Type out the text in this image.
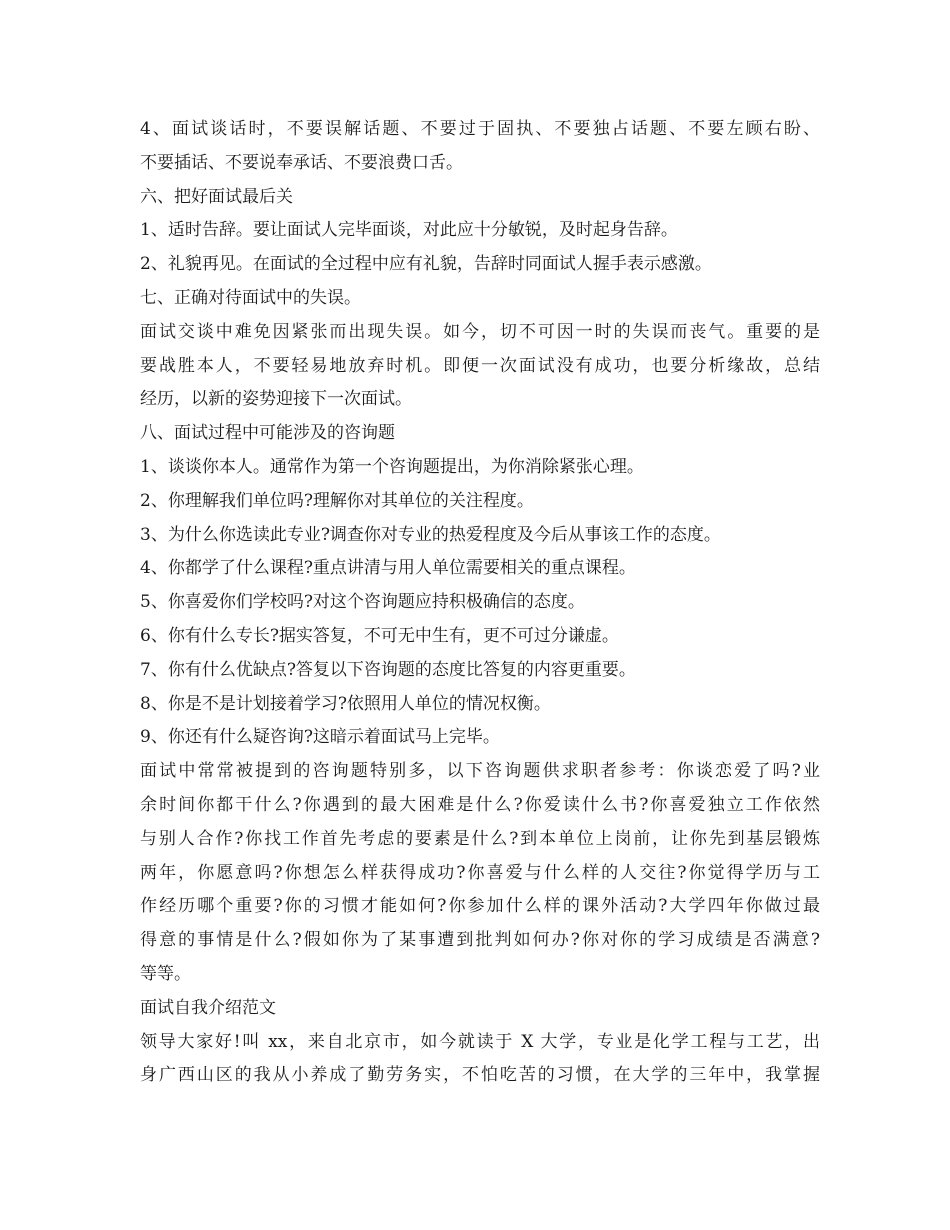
4、面试谈话时，不要误解话题、不要过于固执、不要独占话题、不要左顾右盼、
不要插话、不要说奉承话、不要浪费口舌。
六、把好面试最后关
1、适时告辞。要让面试人完毕面谈，对此应十分敏锐，及时起身告辞。
2、礼貌再见。在面试的全过程中应有礼貌，告辞时同面试人握手表示感激。
七、正确对待面试中的失误。
面试交谈中难免因紧张而出现失误。如今，切不可因一时的失误而丧气。重要的是
要战胜本人，不要轻易地放弃时机。即便一次面试没有成功，也要分析缘故，总结
经历，以新的姿势迎接下一次面试。
八、面试过程中可能涉及的咨询题
1、谈谈你本人。通常作为第一个咨询题提出，为你消除紧张心理。
2、你理解我们单位吗?理解你对其单位的关注程度。
3、为什么你选读此专业?调查你对专业的热爱程度及今后从事该工作的态度。
4、你都学了什么课程?重点讲清与用人单位需要相关的重点课程。
5、你喜爱你们学校吗?对这个咨询题应持积极确信的态度。
6、你有什么专长?据实答复，不可无中生有，更不可过分谦虚。
7、你有什么优缺点?答复以下咨询题的态度比答复的内容更重要。
8、你是不是计划接着学习?依照用人单位的情况权衡。
9、你还有什么疑咨询?这暗示着面试马上完毕。
面试中常常被提到的咨询题特别多，以下咨询题供求职者参考：你谈恋爱了吗?业
余时间你都干什么?你遇到的最大困难是什么?你爱读什么书?你喜爱独立工作依然
与别人合作?你找工作首先考虑的要素是什么?到本单位上岗前，让你先到基层锻炼
两年，你愿意吗?你想怎么样获得成功?你喜爱与什么样的人交往?你觉得学历与工
作经历哪个重要?你的习惯才能如何?你参加什么样的课外活动?大学四年你做过最
得意的事情是什么?假如你为了某事遭到批判如何办?你对你的学习成绩是否满意?
等等。
面试自我介绍范文
领导大家好!叫 xx，来自北京市，如今就读于 X 大学，专业是化学工程与工艺，出
身广西山区的我从小养成了勤劳务实，不怕吃苦的习惯，在大学的三年中，我掌握
